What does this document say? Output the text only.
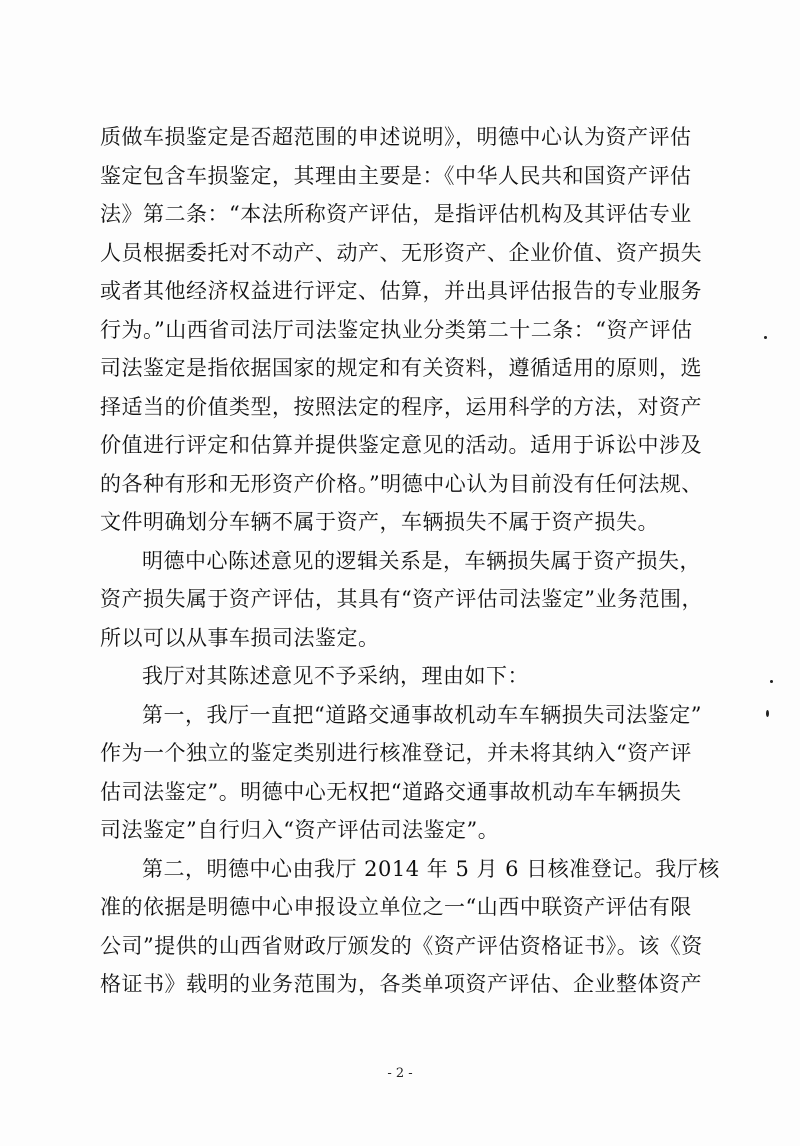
质做车损鉴定是否超范围的申述说明》，明德中心认为资产评估
鉴定包含车损鉴定，其理由主要是：《中华人民共和国资产评估
法》第二条：“本法所称资产评估，是指评估机构及其评估专业
人员根据委托对不动产、动产、无形资产、企业价值、资产损失
或者其他经济权益进行评定、估算，并出具评估报告的专业服务
行为。”山西省司法厅司法鉴定执业分类第二十二条：“资产评估
司法鉴定是指依据国家的规定和有关资料，遵循适用的原则，选
择适当的价值类型，按照法定的程序，运用科学的方法，对资产
价值进行评定和估算并提供鉴定意见的活动。适用于诉讼中涉及
的各种有形和无形资产价格。”明德中心认为目前没有任何法规、
文件明确划分车辆不属于资产，车辆损失不属于资产损失。
明德中心陈述意见的逻辑关系是，车辆损失属于资产损失，
资产损失属于资产评估，其具有“资产评估司法鉴定”业务范围，
所以可以从事车损司法鉴定。
我厅对其陈述意见不予采纳，理由如下：
第一，我厅一直把“道路交通事故机动车车辆损失司法鉴定”
作为一个独立的鉴定类别进行核准登记，并未将其纳入“资产评
估司法鉴定”。明德中心无权把“道路交通事故机动车车辆损失
司法鉴定”自行归入“资产评估司法鉴定”。
第二，明德中心由我厅 2014 年 5 月 6 日核准登记。我厅核
准的依据是明德中心申报设立单位之一“山西中联资产评估有限
公司”提供的山西省财政厅颁发的《资产评估资格证书》。该《资
格证书》载明的业务范围为，各类单项资产评估、企业整体资产
- 2 -
